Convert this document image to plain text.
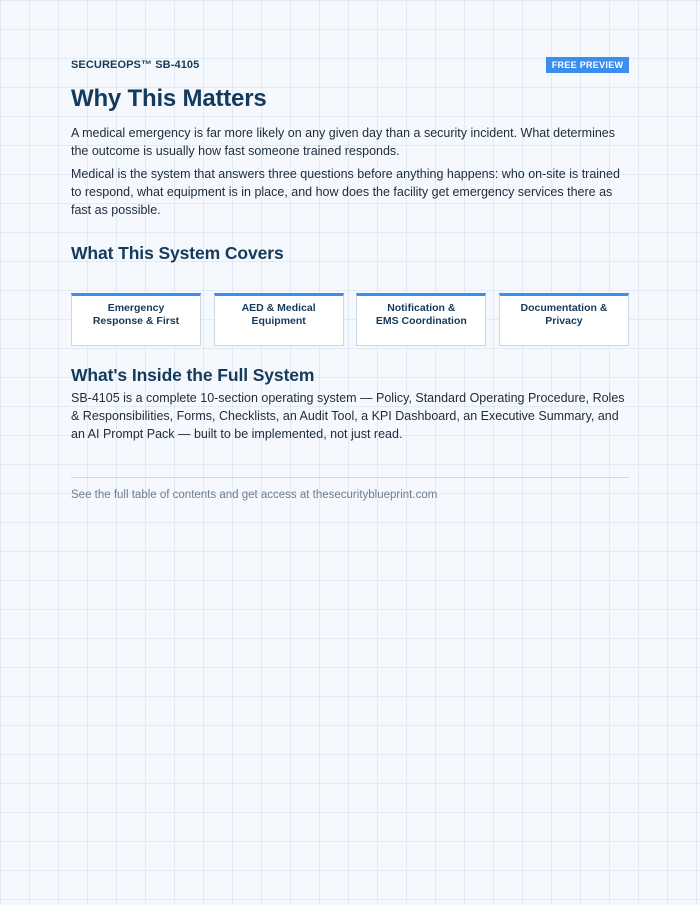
SECUREOPS™ SB-4105	FREE PREVIEW
Why This Matters

A medical emergency is far more likely on any given day than a security incident. What determines the outcome is usually how fast someone trained responds.

Medical is the system that answers three questions before anything happens: who on-site is trained to respond, what equipment is in place, and how does the facility get emergency services there as fast as possible.

What This System Covers
Emergency
Response & First
AED & Medical
Equipment
Notification &
EMS Coordination
Documentation &
Privacy
What's Inside the Full System

SB-4105 is a complete 10-section operating system — Policy, Standard Operating Procedure, Roles & Responsibilities, Forms, Checklists, an Audit Tool, a KPI Dashboard, an Executive Summary, and an AI Prompt Pack — built to be implemented, not just read.

See the full table of contents and get access at thesecurityblueprint.com
